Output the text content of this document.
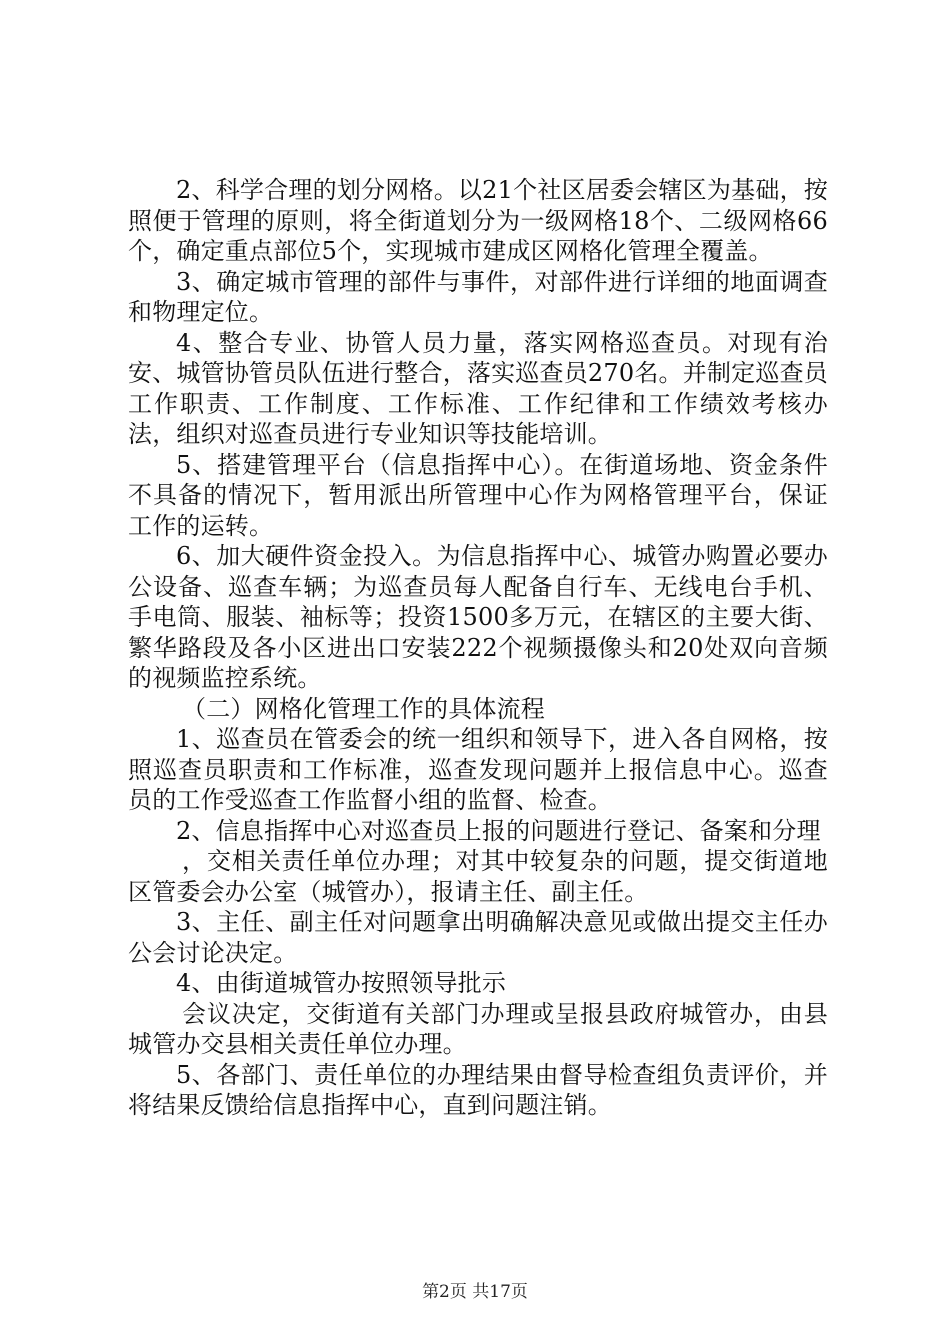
2、科学合理的划分网格。以21个社区居委会辖区为基础，按照便于管理的原则，将全街道划分为一级网格18个、二级网格66个，确定重点部位5个，实现城市建成区网格化管理全覆盖。

3、确定城市管理的部件与事件，对部件进行详细的地面调查和物理定位。

4、整合专业、协管人员力量，落实网格巡查员。对现有治安、城管协管员队伍进行整合，落实巡查员270名。并制定巡查员工作职责、工作制度、工作标准、工作纪律和工作绩效考核办法，组织对巡查员进行专业知识等技能培训。

5、搭建管理平台（信息指挥中心）。在街道场地、资金条件不具备的情况下，暂用派出所管理中心作为网格管理平台，保证工作的运转。

6、加大硬件资金投入。为信息指挥中心、城管办购置必要办公设备、巡查车辆；为巡查员每人配备自行车、无线电台手机、手电筒、服装、袖标等；投资1500多万元，在辖区的主要大街、繁华路段及各小区进出口安装222个视频摄像头和20处双向音频的视频监控系统。

（二）网格化管理工作的具体流程

1、巡查员在管委会的统一组织和领导下，进入各自网格，按照巡查员职责和工作标准，巡查发现问题并上报信息中心。巡查员的工作受巡查工作监督小组的监督、检查。

2、信息指挥中心对巡查员上报的问题进行登记、备案和分理

，交相关责任单位办理；对其中较复杂的问题，提交街道地区管委会办公室（城管办），报请主任、副主任。

3、主任、副主任对问题拿出明确解决意见或做出提交主任办公会讨论决定。

4、由街道城管办按照领导批示

会议决定，交街道有关部门办理或呈报县政府城管办，由县城管办交县相关责任单位办理。

5、各部门、责任单位的办理结果由督导检查组负责评价，并将结果反馈给信息指挥中心，直到问题注销。

第2页 共17页
